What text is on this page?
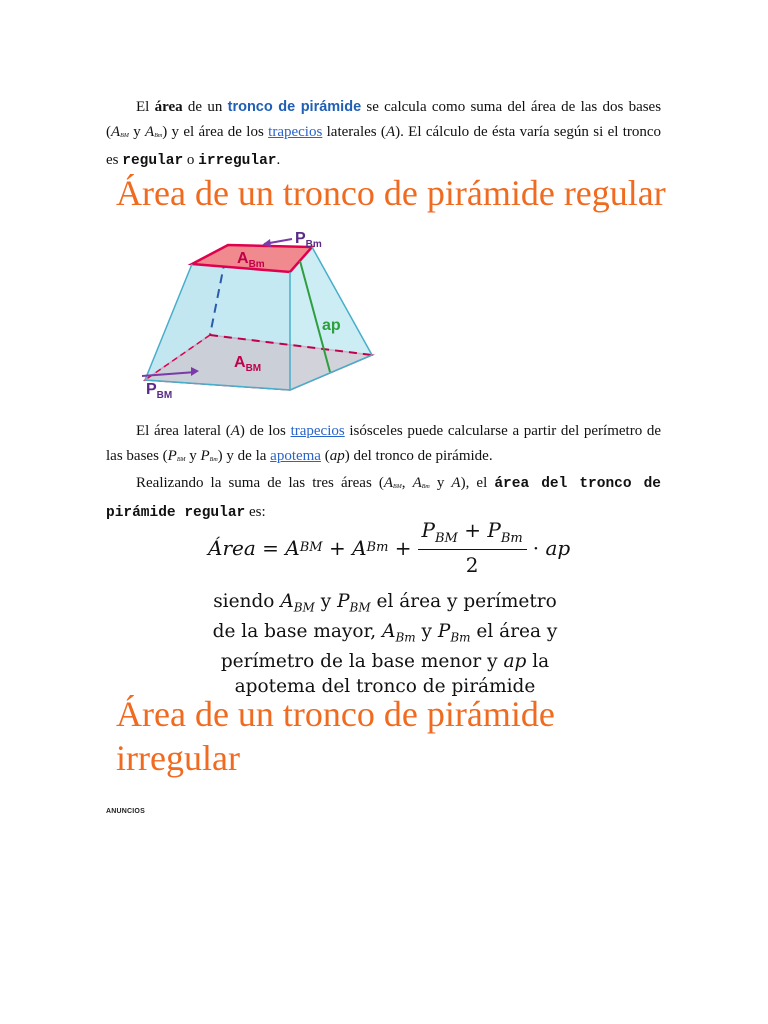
El área de un tronco de pirámide se calcula como suma del área de las dos bases ($A_{BM}$ y $A_{Bm}$) y el área de los trapecios laterales (A). El cálculo de ésta varía según si el tronco es regular o irregular.
Área de un tronco de pirámide regular
$P_{Bm}$
$A_{Bm}$
ap
$A_{BM}$
$P_{BM}$
El área lateral (A) de los trapecios isósceles puede calcularse a partir del perímetro de las bases ($P_{BM}$ y $P_{Bm}$) y de la apotema (ap) del tronco de pirámide.
Realizando la suma de las tres áreas ($A_{BM}$, $A_{Bm}$ y A), el área del tronco de pirámide regular es:
Área
=
A BM
+
A Bm
+ $\frac{P_{BM} + P_{Bm}}{2}$ ·
ap
siendo $A_{BM}$ y $P_{BM}$ el área y perímetro
de la base mayor, $A_{Bm}$ y $P_{Bm}$ el área y
perímetro de la base menor y ap la
apotema del tronco de pirámide
Área de un tronco de pirámide
irregular
ANUNCIOS
